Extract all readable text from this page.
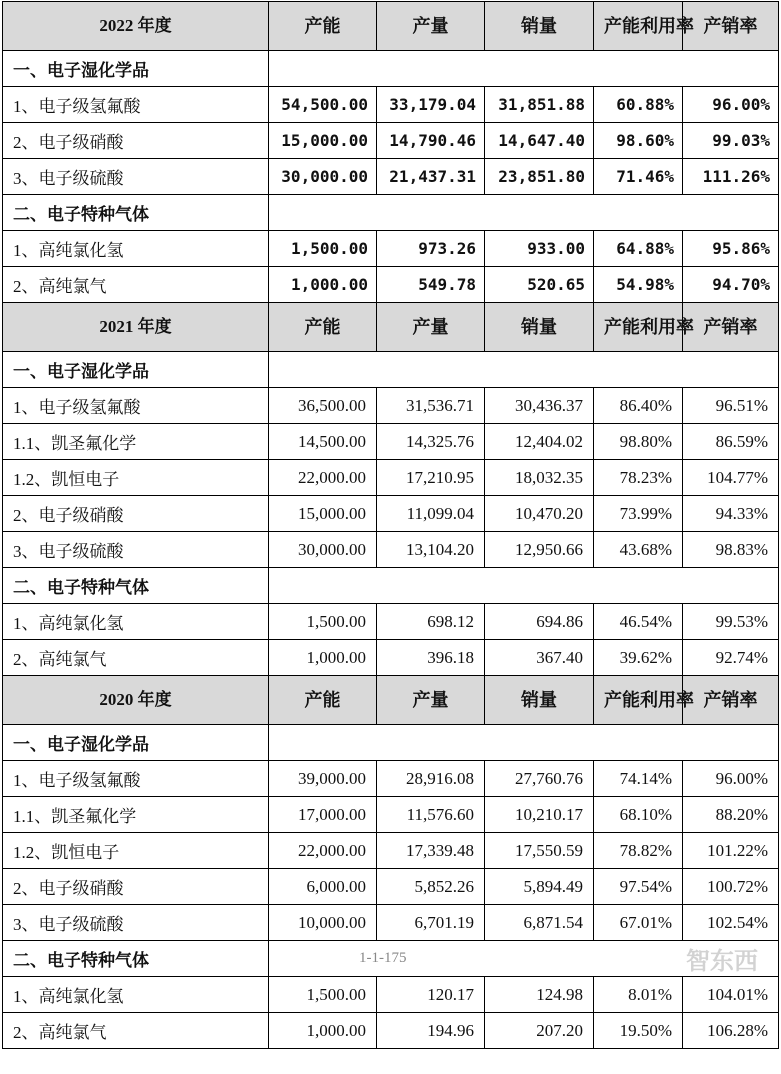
2022 年度	产能	产量	销量	产能利用率	产销率
一、电子湿化学品					
1、电子级氢氟酸	54,500.00	33,179.04	31,851.88	60.88%	96.00%
2、电子级硝酸	15,000.00	14,790.46	14,647.40	98.60%	99.03%
3、电子级硫酸	30,000.00	21,437.31	23,851.80	71.46%	111.26%
二、电子特种气体					
1、高纯氯化氢	1,500.00	973.26	933.00	64.88%	95.86%
2、高纯氯气	1,000.00	549.78	520.65	54.98%	94.70%
2021 年度	产能	产量	销量	产能利用率	产销率
一、电子湿化学品					
1、电子级氢氟酸	36,500.00	31,536.71	30,436.37	86.40%	96.51%
1.1、凯圣氟化学	14,500.00	14,325.76	12,404.02	98.80%	86.59%
1.2、凯恒电子	22,000.00	17,210.95	18,032.35	78.23%	104.77%
2、电子级硝酸	15,000.00	11,099.04	10,470.20	73.99%	94.33%
3、电子级硫酸	30,000.00	13,104.20	12,950.66	43.68%	98.83%
二、电子特种气体					
1、高纯氯化氢	1,500.00	698.12	694.86	46.54%	99.53%
2、高纯氯气	1,000.00	396.18	367.40	39.62%	92.74%
2020 年度	产能	产量	销量	产能利用率	产销率
一、电子湿化学品					
1、电子级氢氟酸	39,000.00	28,916.08	27,760.76	74.14%	96.00%
1.1、凯圣氟化学	17,000.00	11,576.60	10,210.17	68.10%	88.20%
1.2、凯恒电子	22,000.00	17,339.48	17,550.59	78.82%	101.22%
2、电子级硝酸	6,000.00	5,852.26	5,894.49	97.54%	100.72%
3、电子级硫酸	10,000.00	6,701.19	6,871.54	67.01%	102.54%
二、电子特种气体	1-1-175 智东西				

1、高纯氯化氢	1,500.00	120.17	124.98	8.01%	104.01%
2、高纯氯气	1,000.00	194.96	207.20	19.50%	106.28%
